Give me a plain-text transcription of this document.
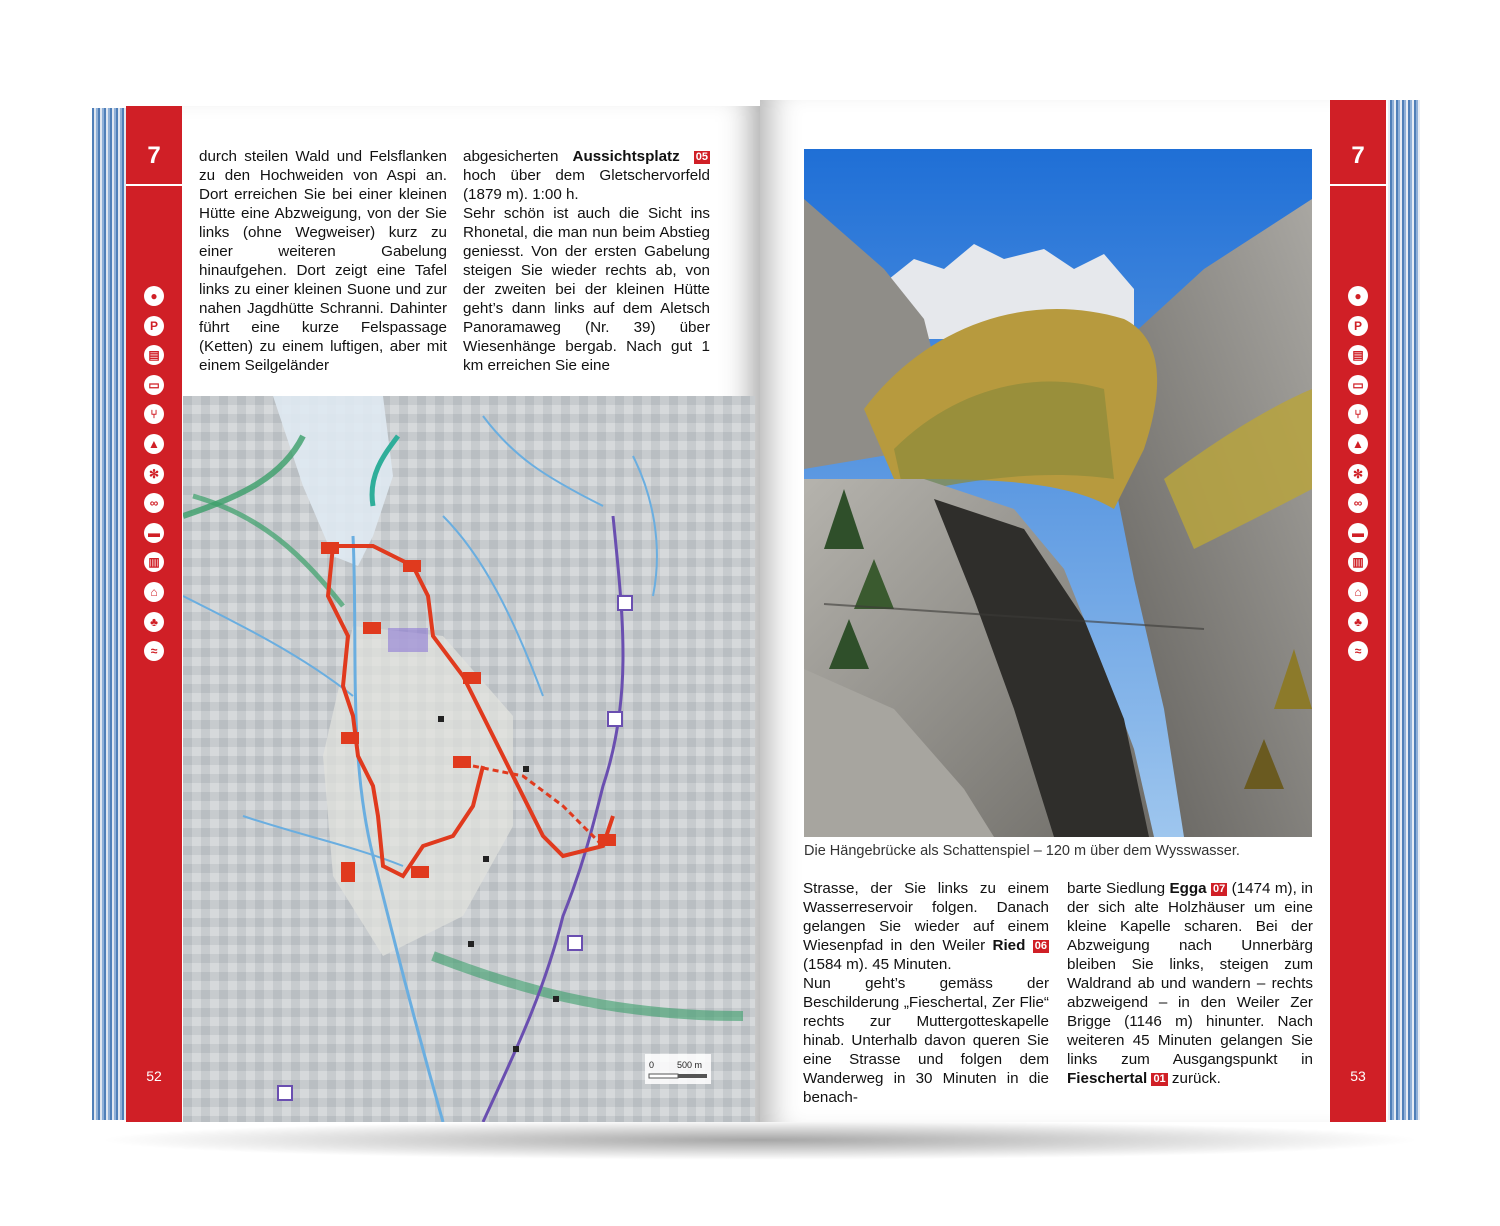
7
●
P
▤
▭
⑂
▲
✻
∞
▬
▥
⌂
♣
≈
52

durch steilen Wald und Felsflanken zu den Hochweiden von Aspi an. Dort erreichen Sie bei einer kleinen Hütte eine Abzweigung, von der Sie links (ohne Wegweiser) kurz zu einer weiteren Gabelung hinaufgehen. Dort zeigt eine Tafel links zu einer kleinen Suone und zur nahen Jagdhütte Schranni. Dahinter führt eine kurze Felspassage (Ketten) zu einem luftigen, aber mit einem Seilgeländer

abgesicherten Aussichtsplatz 05 hoch über dem Gletschervorfeld (1879 m). 1:00 h.

Sehr schön ist auch die Sicht ins Rhonetal, die man nun beim Abstieg geniesst. Von der ersten Gabelung steigen Sie wieder rechts ab, von der zweiten bei der kleinen Hütte geht’s dann links auf dem Aletsch Panoramaweg (Nr. 39) über Wiesenhänge bergab. Nach gut 1 km erreichen Sie eine

0	500 m
7
●
P
▤
▭
⑂
▲
✻
∞
▬
▥
⌂
♣
≈
53
Die Hängebrücke als Schattenspiel – 120 m über dem Wysswasser.

Strasse, der Sie links zu einem Wasserreservoir folgen. Danach gelangen Sie wieder auf einem Wiesenpfad in den Weiler Ried 06 (1584 m). 45 Minuten.

Nun geht’s gemäss der Beschilderung „Fieschertal, Zer Flie“ rechts zur Muttergotteskapelle hinab. Unterhalb davon queren Sie eine Strasse und folgen dem Wanderweg in 30 Minuten in die benach-

barte Siedlung Egga 07 (1474 m), in der sich alte Holzhäuser um eine kleine Kapelle scharen. Bei der Abzweigung nach Unnerbärg bleiben Sie links, steigen zum Waldrand ab und wandern – rechts abzweigend – in den Weiler Zer Brigge (1146 m) hinunter. Nach weiteren 45 Minuten gelangen Sie links zum Ausgangspunkt in Fieschertal 01 zurück.
